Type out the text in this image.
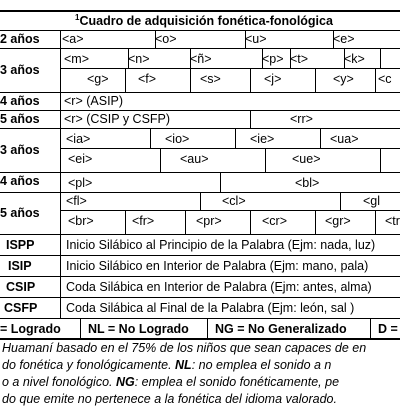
$^1$Cuadro de adquisición fonética-fonológica
2 años <a>	<o>	<u>	<e>
3 años
<m>	<n>	<ñ>	<p> <t>	<k>
<g> <f>	<s>	<j>	<y> <c
4 años <r> (ASIP)
5 años <r> (CSIP y CSFP)	<rr>
3 años
<ia>	<io>	<ie>	<ua>
<ei>	<au>	<ue>
4 años <pl>	<bl>
5 años
<fl>	<cl>	<gl
<br>	<fr>	<pr>	<cr>	<gr>	<tr
ISPP	Inicio Silábico al Principio de la Palabra (Ejm: nada, luz)
ISIP	Inicio Silábico en Interior de Palabra (Ejm: mano, pala)
CSIP Coda Silábica en Interior de Palabra (Ejm: antes, alma)
CSFP Coda Silábica al Final de la Palabra (Ejm: león, sal )
= Logrado NL = No Logrado NG = No Generalizado	D =
Huamaní basado en el 75% de los niños que sean capaces de en
do fonética y fonológicamente. NL: no emplea el sonido a n
o a nivel fonológico. NG: emplea el sonido fonéticamente, pe
do que emite no pertenece a la fonética del idioma valorado.
